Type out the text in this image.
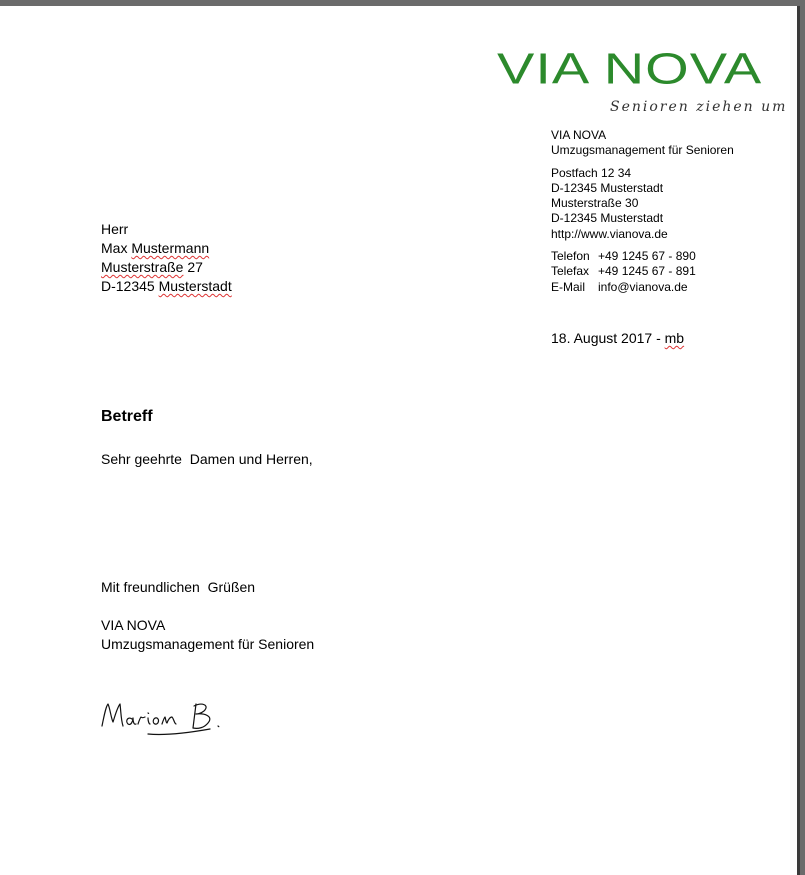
VIA NOVA
Senioren ziehen um
VIA NOVA
Umzugsmanagement für Senioren
Postfach 12 34
D-12345 Musterstadt
Musterstraße 30
D-12345 Musterstadt
http://www.vianova.de
Telefon +49 1245 67 - 890
Telefax +49 1245 67 - 891
E-Mail info@vianova.de
18. August 2017 - mb
Herr
Max Mustermann
Musterstraße 27
D-12345 Musterstadt
Betreff
Sehr geehrte  Damen und Herren,
Mit freundlichen  Grüßen
VIA NOVA
Umzugsmanagement für Senioren
